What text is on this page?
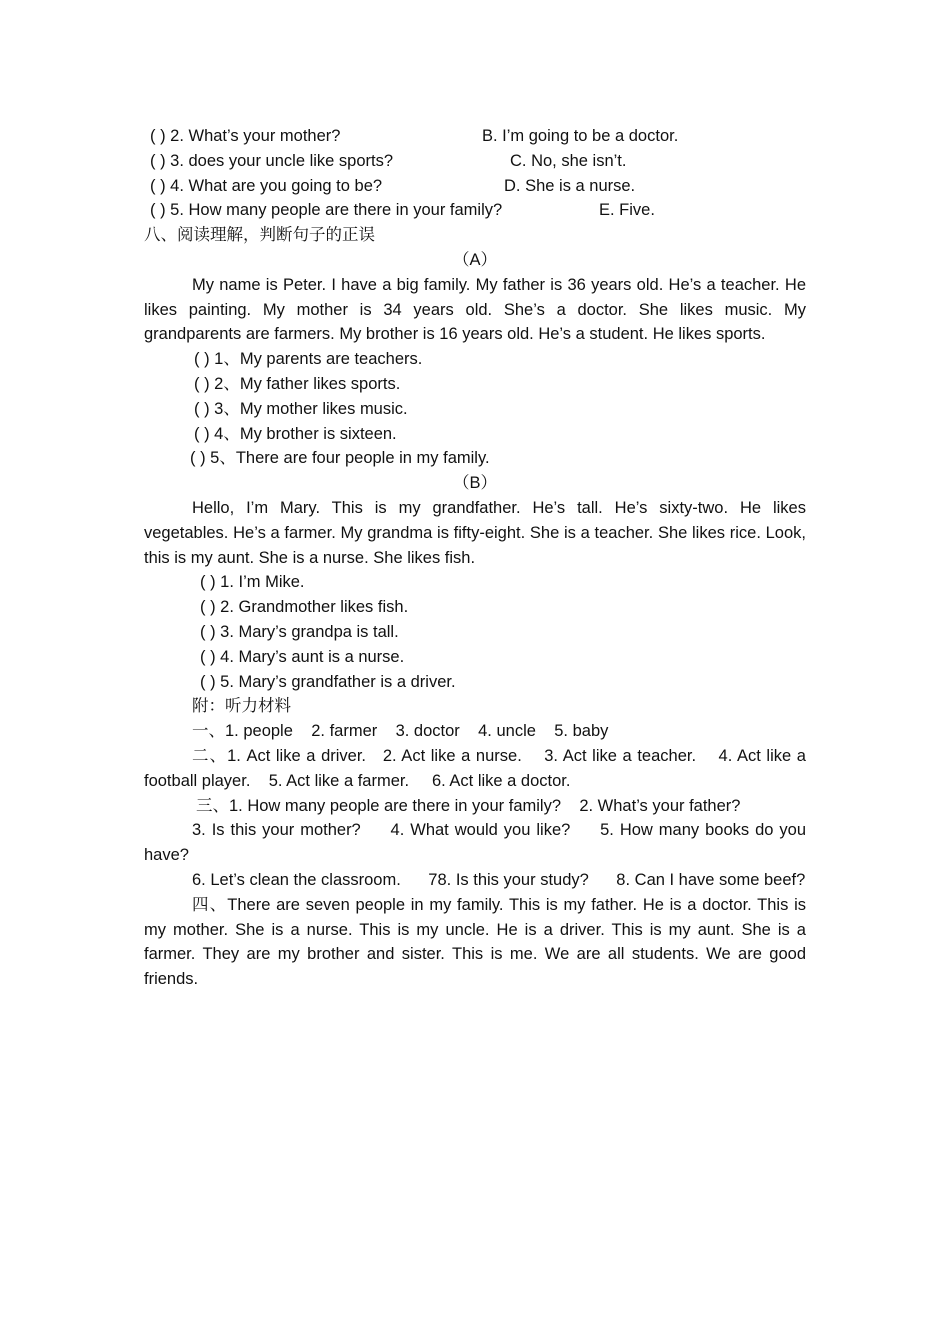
( ) 2. What’s your mother?	B. I’m going to be a doctor.
( ) 3. does your uncle like sports?	C. No, she isn’t.
( ) 4. What are you going to be?	D. She is a nurse.
( ) 5. How many people are there in your family?	E. Five.
八、阅读理解，判断句子的正误
（A）
My name is Peter. I have a big family. My father is 36 years old. He’s a teacher. He likes painting. My mother is 34 years old. She’s a doctor. She likes music. My grandparents are farmers. My brother is 16 years old. He’s a student. He likes sports.
( ) 1、My parents are teachers.
( ) 2、My father likes sports.
( ) 3、My mother likes music.
( ) 4、My brother is sixteen.
( ) 5、There are four people in my family.
（B）
Hello, I’m Mary. This is my grandfather. He’s tall. He’s sixty-two. He likes vegetables. He’s a farmer. My grandma is fifty-eight. She is a teacher. She likes rice. Look, this is my aunt. She is a nurse. She likes fish.
( ) 1. I’m Mike.
( ) 2. Grandmother likes fish.
( ) 3. Mary’s grandpa is tall.
( ) 4. Mary’s aunt is a nurse.
( ) 5. Mary’s grandfather is a driver.
附：听力材料
一、1. people    2. farmer    3. doctor    4. uncle    5. baby
二、1. Act like a driver.   2. Act like a nurse.    3. Act like a teacher.    4. Act like a football player.    5. Act like a farmer.     6. Act like a doctor.
三、1. How many people are there in your family?    2. What’s your father?
3. Is this your mother?     4. What would you like?     5. How many books do you have?
6. Let’s clean the classroom.      78. Is this your study?      8. Can I have some beef?
四、There are seven people in my family. This is my father. He is a doctor. This is my mother. She is a nurse. This is my uncle. He is a driver. This is my aunt. She is a farmer. They are my brother and sister. This is me. We are all students. We are good friends.
